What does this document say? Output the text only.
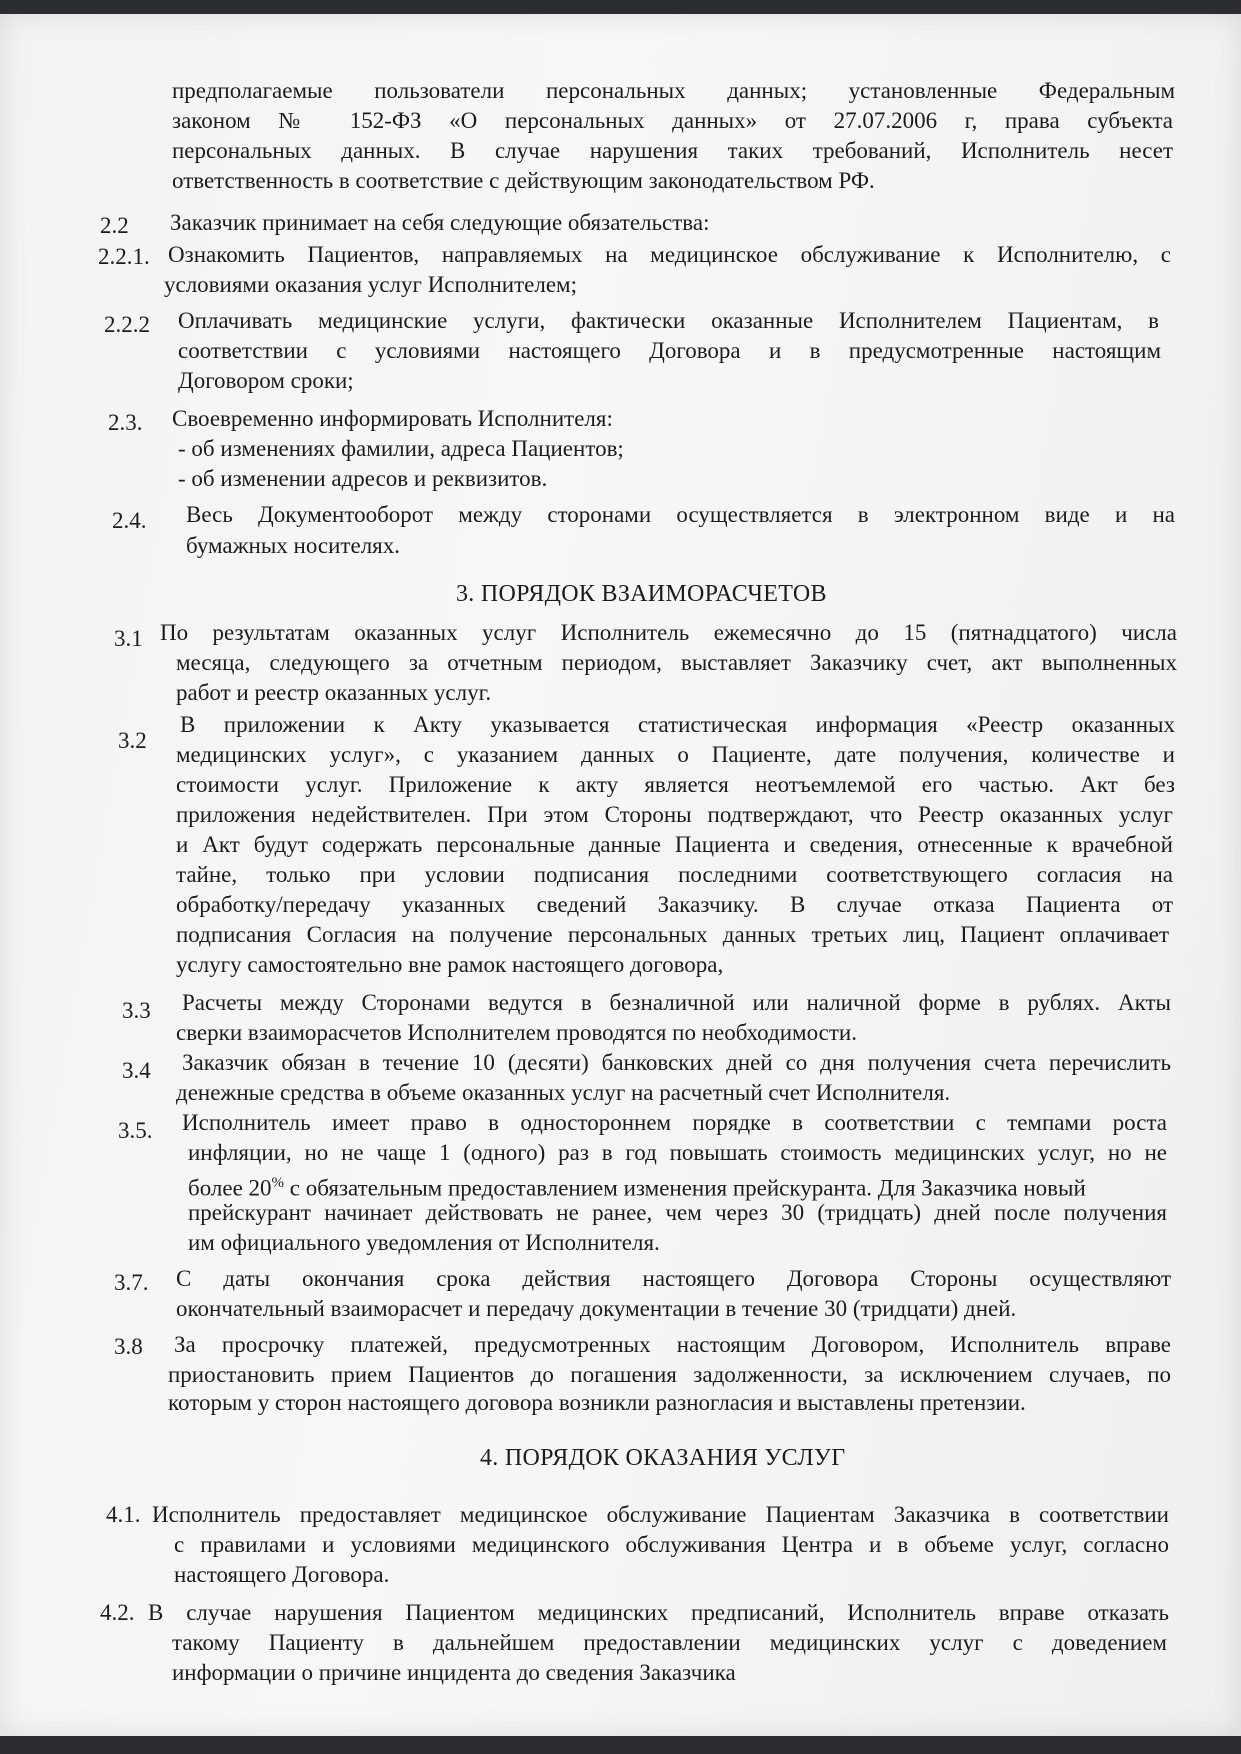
предполагаемые пользователи персональных данных; установленные Федеральным

законом № 152-ФЗ «О персональных данных» от 27.07.2006 г, права субъекта

персональных данных. В случае нарушения таких требований, Исполнитель несет

ответственность в соответствие с действующим законодательством РФ.

2.2 Заказчик принимает на себя следующие обязательства:

2.2.1. Ознакомить Пациентов, направляемых на медицинское обслуживание к Исполнителю, с

условиями оказания услуг Исполнителем;

2.2.2 Оплачивать медицинские услуги, фактически оказанные Исполнителем Пациентам, в

соответствии с условиями настоящего Договора и в предусмотренные настоящим

Договором сроки;

2.3. Своевременно информировать Исполнителя:

- об изменениях фамилии, адреса Пациентов;

- об изменении адресов и реквизитов.

2.4. Весь Документооборот между сторонами осуществляется в электронном виде и на

бумажных носителях.

3. ПОРЯДОК ВЗАИМОРАСЧЕТОВ

3.1 По результатам оказанных услуг Исполнитель ежемесячно до 15 (пятнадцатого) числа

месяца, следующего за отчетным периодом, выставляет Заказчику счет, акт выполненных

работ и реестр оказанных услуг.

3.2

В приложении к Акту указывается статистическая информация «Реестр оказанных

медицинских услуг», с указанием данных о Пациенте, дате получения, количестве и

стоимости услуг. Приложение к акту является неотъемлемой его частью. Акт без

приложения недействителен. При этом Стороны подтверждают, что Реестр оказанных услуг

и Акт будут содержать персональные данные Пациента и сведения, отнесенные к врачебной

тайне, только при условии подписания последними соответствующего согласия на

обработку/передачу указанных сведений Заказчику. В случае отказа Пациента от

подписания Согласия на получение персональных данных третьих лиц, Пациент оплачивает

услугу самостоятельно вне рамок настоящего договора,

3.3 Расчеты между Сторонами ведутся в безналичной или наличной форме в рублях. Акты

сверки взаиморасчетов Исполнителем проводятся по необходимости.

3.4 Заказчик обязан в течение 10 (десяти) банковских дней со дня получения счета перечислить

денежные средства в объеме оказанных услуг на расчетный счет Исполнителя.

3.5. Исполнитель имеет право в одностороннем порядке в соответствии с темпами роста

инфляции, но не чаще 1 (одного) раз в год повышать стоимость медицинских услуг, но не

более 20% с обязательным предоставлением изменения прейскуранта. Для Заказчика новый

прейскурант начинает действовать не ранее, чем через 30 (тридцать) дней после получения

им официального уведомления от Исполнителя.

3.7. С даты окончания срока действия настоящего Договора Стороны осуществляют

окончательный взаиморасчет и передачу документации в течение 30 (тридцати) дней.

3.8 За просрочку платежей, предусмотренных настоящим Договором, Исполнитель вправе

приостановить прием Пациентов до погашения задолженности, за исключением случаев, по

которым у сторон настоящего договора возникли разногласия и выставлены претензии.

4. ПОРЯДОК ОКАЗАНИЯ УСЛУГ

4.1. Исполнитель предоставляет медицинское обслуживание Пациентам Заказчика в соответствии

с правилами и условиями медицинского обслуживания Центра и в объеме услуг, согласно

настоящего Договора.

4.2. В случае нарушения Пациентом медицинских предписаний, Исполнитель вправе отказать

такому Пациенту в дальнейшем предоставлении медицинских услуг с доведением

информации о причине инцидента до сведения Заказчика
